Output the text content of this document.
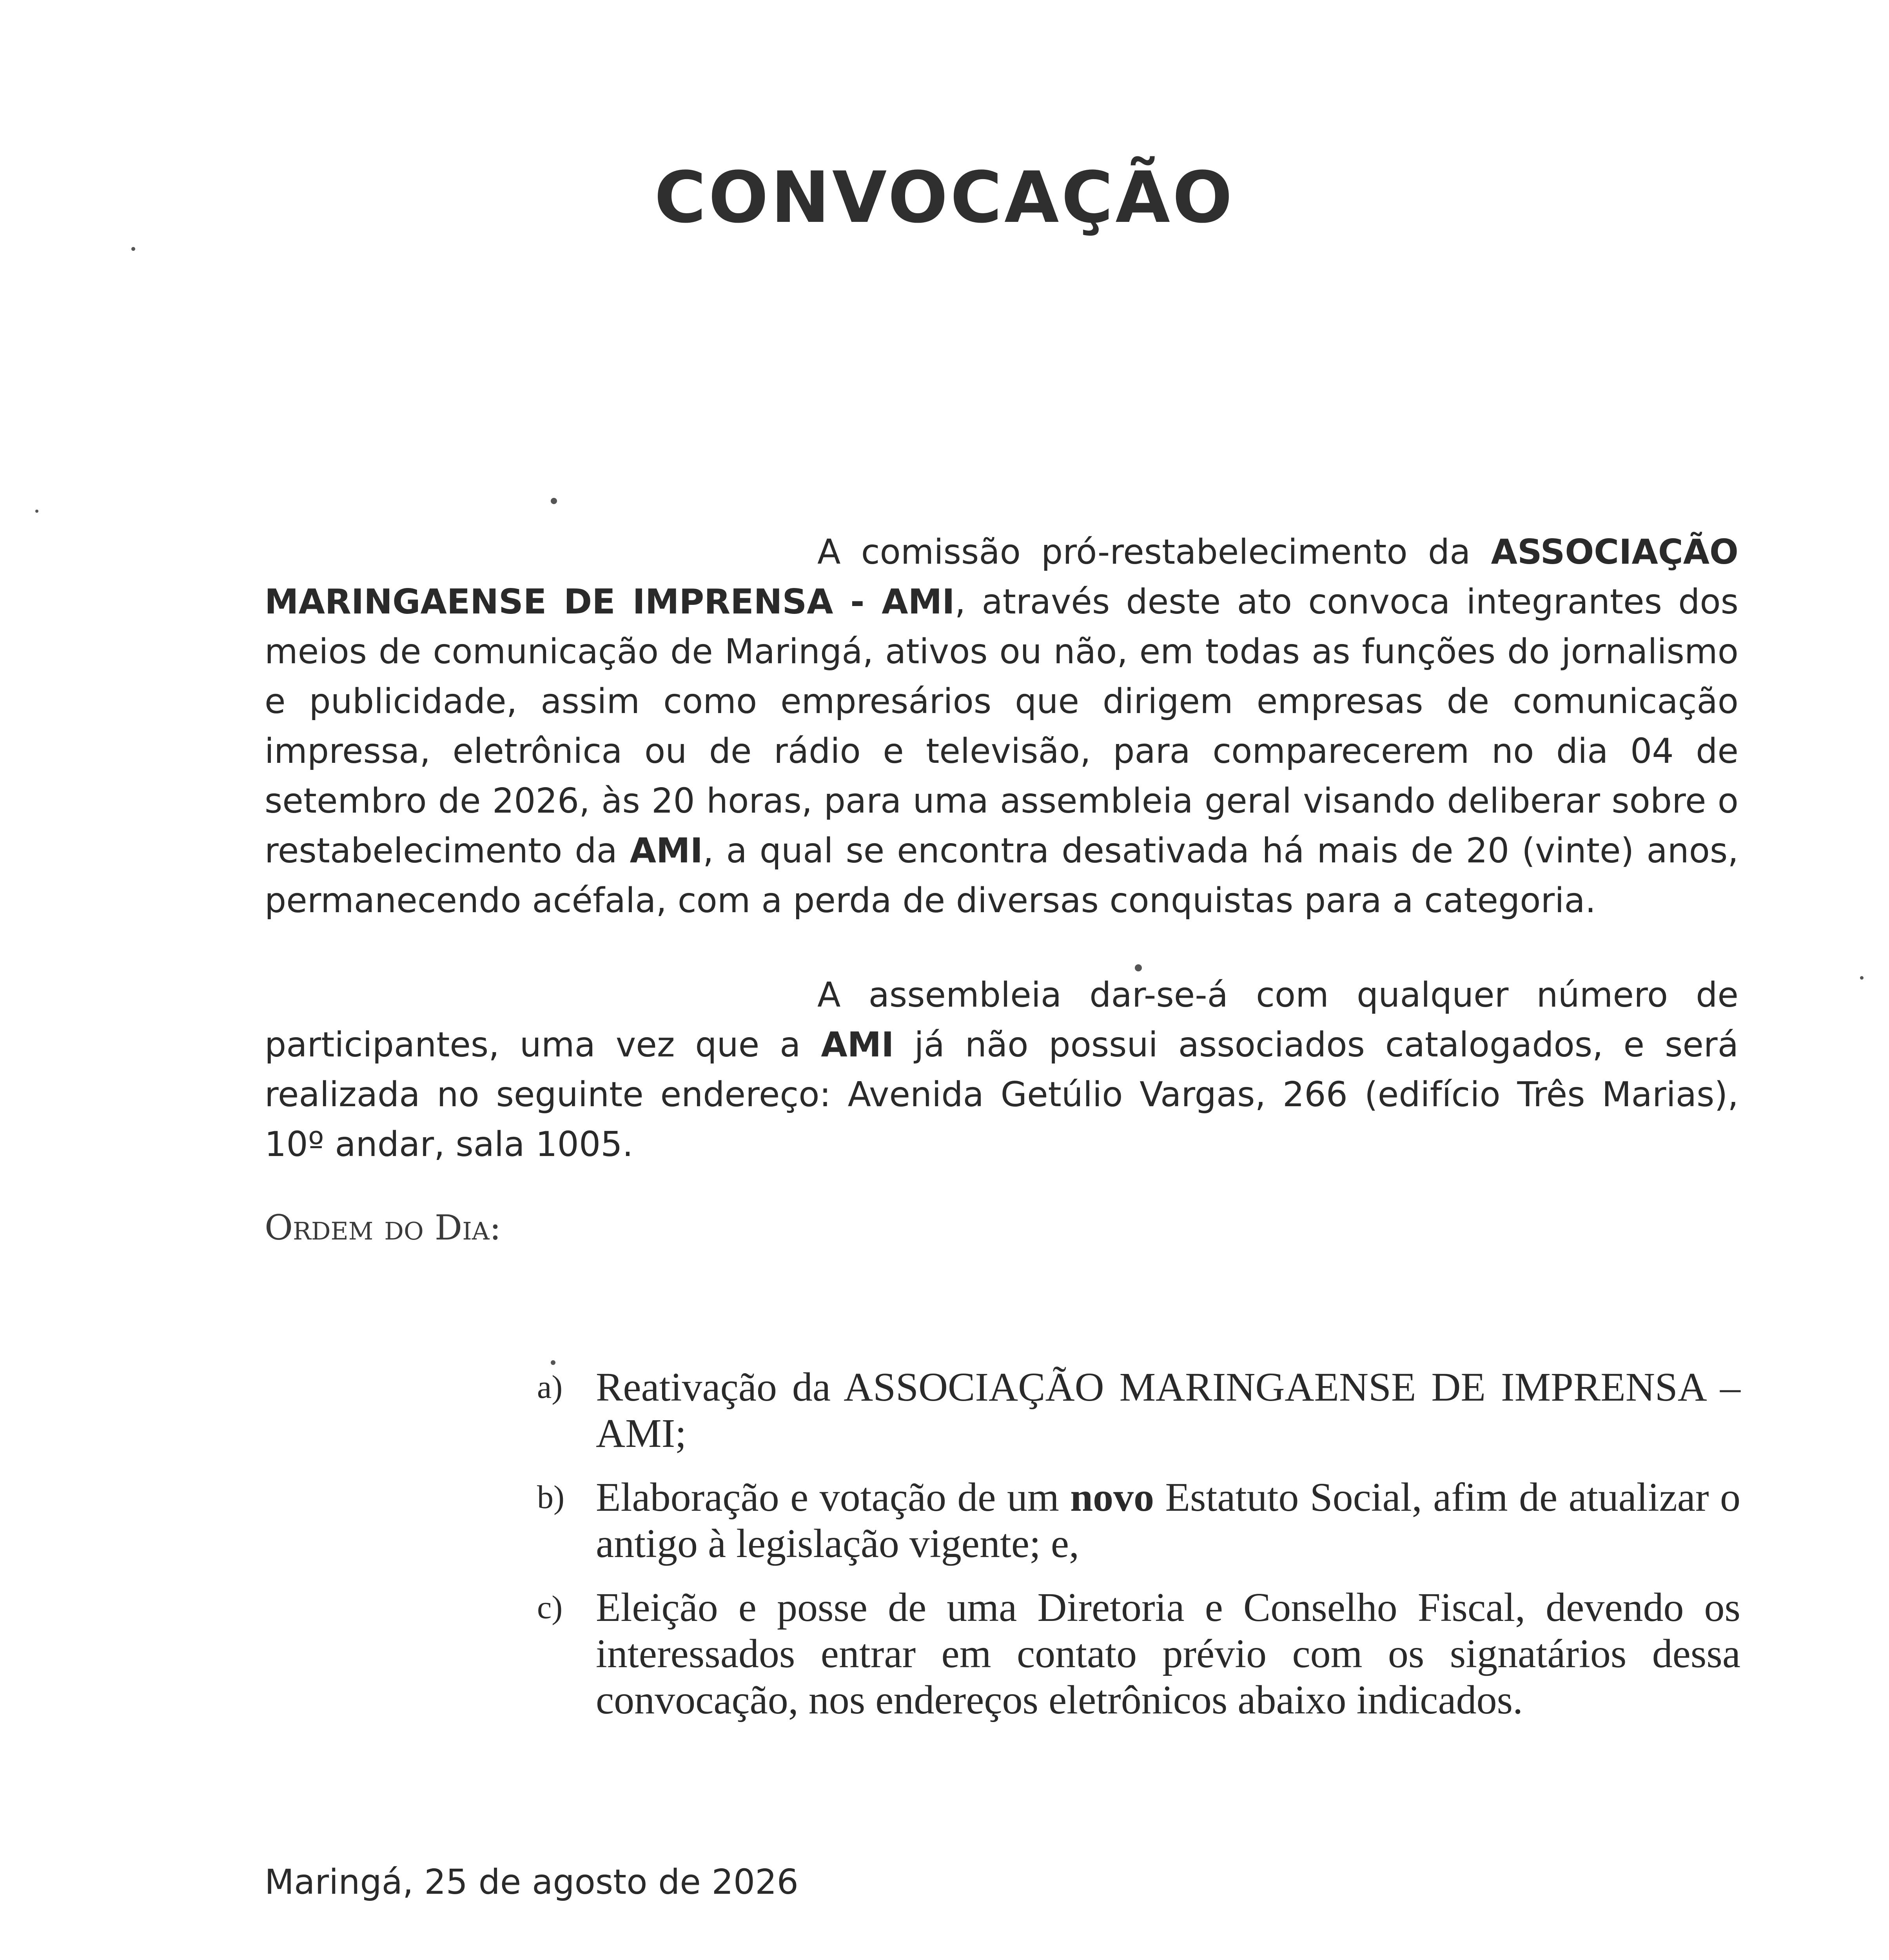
CONVOCAÇÃO

A comissão pró-restabelecimento da ASSOCIAÇÃO MARINGAENSE DE IMPRENSA - AMI, através deste ato convoca integrantes dos meios de comunicação de Maringá, ativos ou não, em todas as funções do jornalismo e publicidade, assim como empresários que dirigem empresas de comunicação impressa, eletrônica ou de rádio e televisão, para comparecerem no dia 04 de setembro de 2026, às 20 horas, para uma assembleia geral visando deliberar sobre o restabelecimento da AMI, a qual se encontra desativada há mais de 20 (vinte) anos, permanecendo acéfala, com a perda de diversas conquistas para a categoria.

A assembleia dar-se-á com qualquer número de participantes, uma vez que a AMI já não possui associados catalogados, e será realizada no seguinte endereço: Avenida Getúlio Vargas, 266 (edifício Três Marias), 10º andar, sala 1005.

Ordem do Dia:
a) Reativação da ASSOCIAÇÃO MARINGAENSE DE IMPRENSA – AMI;
b) Elaboração e votação de um novo Estatuto Social, afim de atualizar o antigo à legislação vigente; e,
c) Eleição e posse de uma Diretoria e Conselho Fiscal, devendo os interessados entrar em contato prévio com os signatários dessa convocação, nos endereços eletrônicos abaixo indicados.
Maringá, 25 de agosto de 2026
